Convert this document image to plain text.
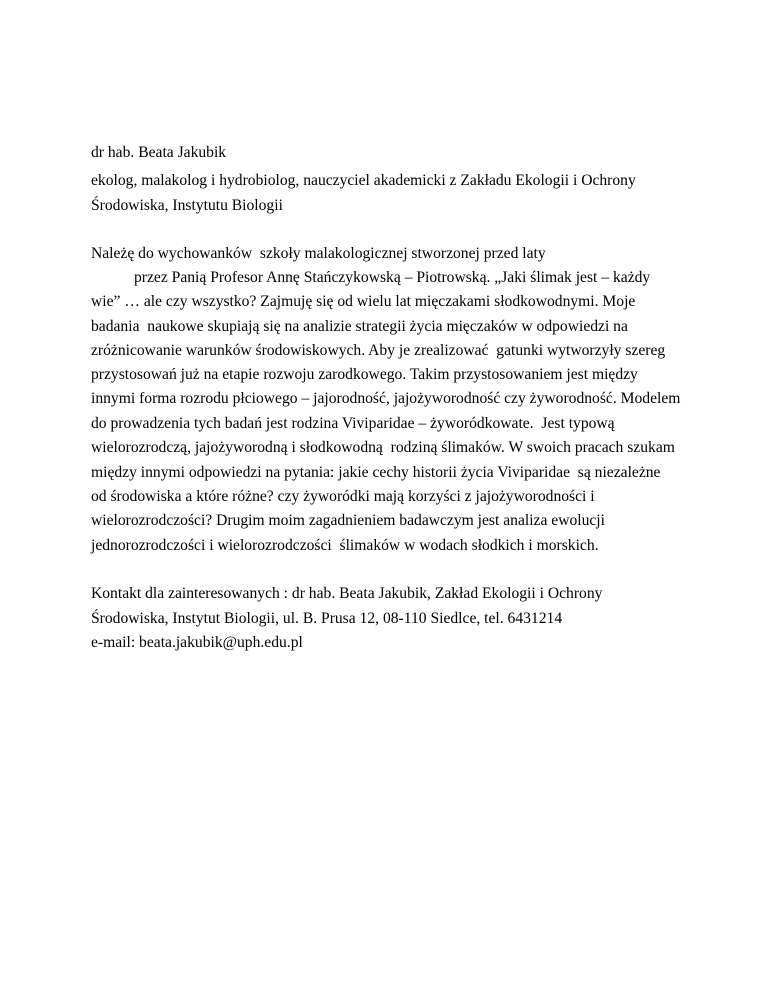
dr hab. Beata Jakubik
ekolog, malakolog i hydrobiolog, nauczyciel akademicki z Zakładu Ekologii i Ochrony
Środowiska, Instytutu Biologii
Należę do wychowanków  szkoły malakologicznej stworzonej przed laty
przez Panią Profesor Annę Stańczykowską – Piotrowską. „Jaki ślimak jest – każdy
wie” … ale czy wszystko? Zajmuję się od wielu lat mięczakami słodkowodnymi. Moje
badania  naukowe skupiają się na analizie strategii życia mięczaków w odpowiedzi na
zróżnicowanie warunków środowiskowych. Aby je zrealizować  gatunki wytworzyły szereg
przystosowań już na etapie rozwoju zarodkowego. Takim przystosowaniem jest między
innymi forma rozrodu płciowego – jajorodność, jajożyworodność czy żyworodność. Modelem
do prowadzenia tych badań jest rodzina Viviparidae – żyworódkowate.  Jest typową
wielorozrodczą, jajożyworodną i słodkowodną  rodziną ślimaków. W swoich pracach szukam
między innymi odpowiedzi na pytania: jakie cechy historii życia Viviparidae  są niezależne
od środowiska a które różne? czy żyworódki mają korzyści z jajożyworodności i
wielorozrodczości? Drugim moim zagadnieniem badawczym jest analiza ewolucji
jednorozrodczości i wielorozrodczości  ślimaków w wodach słodkich i morskich.
Kontakt dla zainteresowanych : dr hab. Beata Jakubik, Zakład Ekologii i Ochrony
Środowiska, Instytut Biologii, ul. B. Prusa 12, 08-110 Siedlce, tel. 6431214
e-mail: beata.jakubik@uph.edu.pl
